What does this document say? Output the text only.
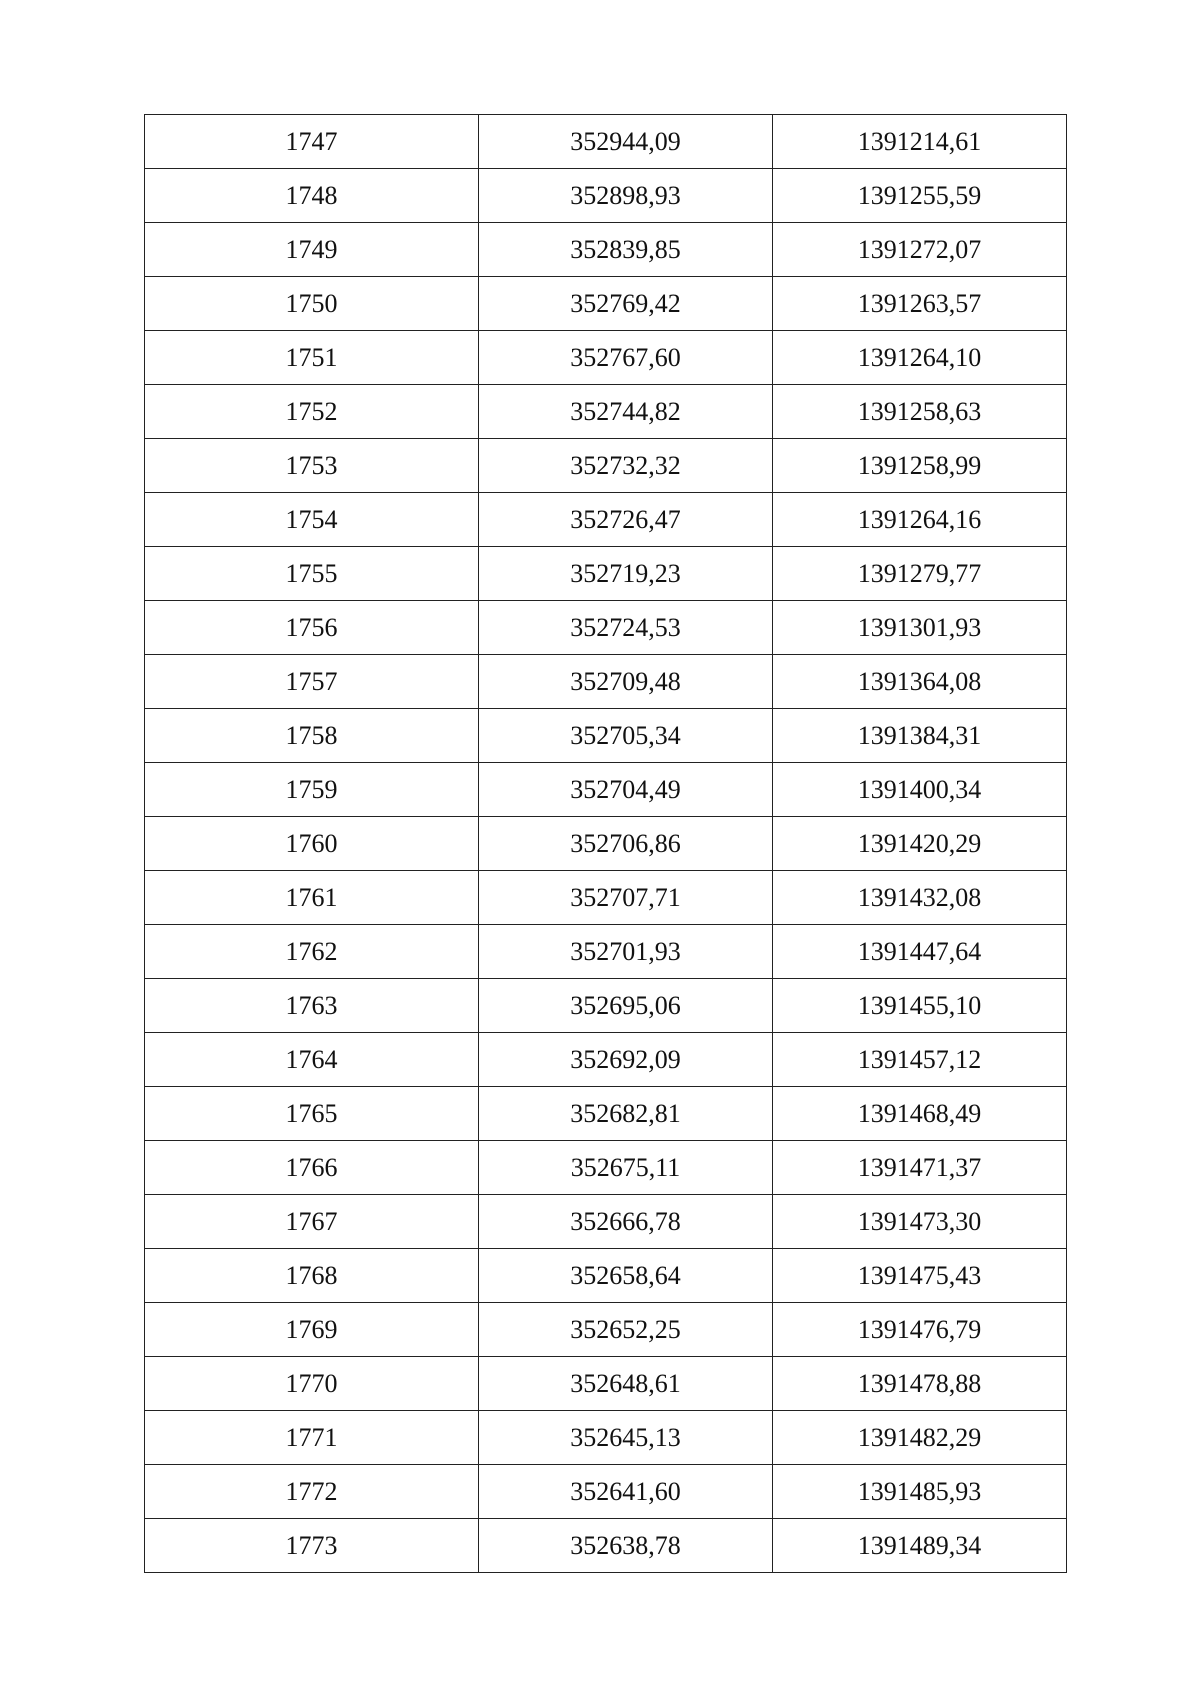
1747	352944,09	1391214,61
1748	352898,93	1391255,59
1749	352839,85	1391272,07
1750	352769,42	1391263,57
1751	352767,60	1391264,10
1752	352744,82	1391258,63
1753	352732,32	1391258,99
1754	352726,47	1391264,16
1755	352719,23	1391279,77
1756	352724,53	1391301,93
1757	352709,48	1391364,08
1758	352705,34	1391384,31
1759	352704,49	1391400,34
1760	352706,86	1391420,29
1761	352707,71	1391432,08
1762	352701,93	1391447,64
1763	352695,06	1391455,10
1764	352692,09	1391457,12
1765	352682,81	1391468,49
1766	352675,11	1391471,37
1767	352666,78	1391473,30
1768	352658,64	1391475,43
1769	352652,25	1391476,79
1770	352648,61	1391478,88
1771	352645,13	1391482,29
1772	352641,60	1391485,93
1773	352638,78	1391489,34
